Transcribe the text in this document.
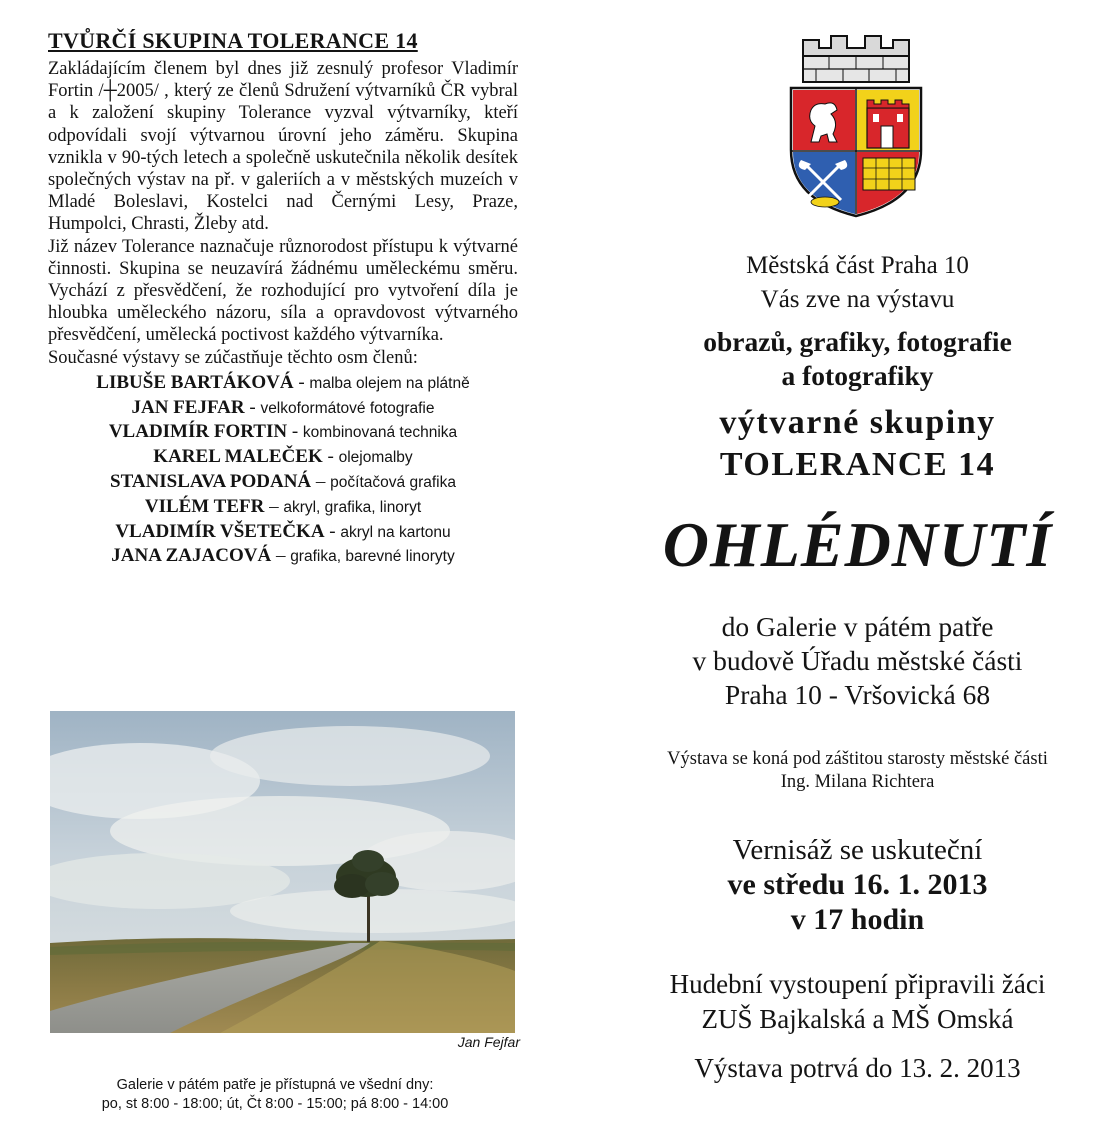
TVŮRČÍ SKUPINA TOLERANCE 14

Zakládajícím členem byl dnes již zesnulý profesor Vladimír Fortin /┼2005/ , který ze členů Sdružení výtvarníků ČR vybral a k založení skupiny Tolerance vyzval výtvarníky, kteří odpovídali svojí výtvarnou úrovní jeho záměru. Skupina vznikla v 90-tých letech a společně uskutečnila několik desítek společných výstav na př. v galeriích a v městských muzeích v Mladé Boleslavi, Kostelci nad Černými Lesy, Praze, Humpolci, Chrasti, Žleby atd.

Již název Tolerance naznačuje různorodost přístupu k výtvarné činnosti. Skupina se neuzavírá žádnému uměleckému směru. Vychází z přesvědčení, že rozhodující pro vytvoření díla je hloubka uměleckého názoru, síla a opravdovost výtvarného přesvědčení, umělecká poctivost každého výtvarníka.

Současné výstavy se zúčastňuje těchto osm členů:

LIBUŠE BARTÁKOVÁ - malba olejem na plátně
JAN FEJFAR - velkoformátové fotografie
VLADIMÍR FORTIN - kombinovaná technika
KAREL MALEČEK - olejomalby
STANISLAVA PODANÁ – počítačová grafika
VILÉM TEFR – akryl, grafika, linoryt
VLADIMÍR VŠETEČKA - akryl na kartonu
JANA ZAJACOVÁ – grafika, barevné linoryty
Jan Fejfar
Galerie v pátém patře je přístupná ve všední dny:
po, st 8:00 - 18:00; út, Čt 8:00 - 15:00; pá 8:00 - 14:00
Městská část Praha 10
Vás zve na výstavu
obrazů, grafiky, fotografie
a fotografiky
výtvarné skupiny
TOLERANCE 14
OHLÉDNUTÍ
do Galerie v pátém patře
v budově Úřadu městské části
Praha 10 - Vršovická 68
Výstava se koná pod záštitou starosty městské části
Ing. Milana Richtera
Vernisáž se uskuteční
ve středu 16. 1. 2013
v 17 hodin
Hudební vystoupení připravili žáci
ZUŠ Bajkalská a MŠ Omská
Výstava potrvá do 13. 2. 2013
